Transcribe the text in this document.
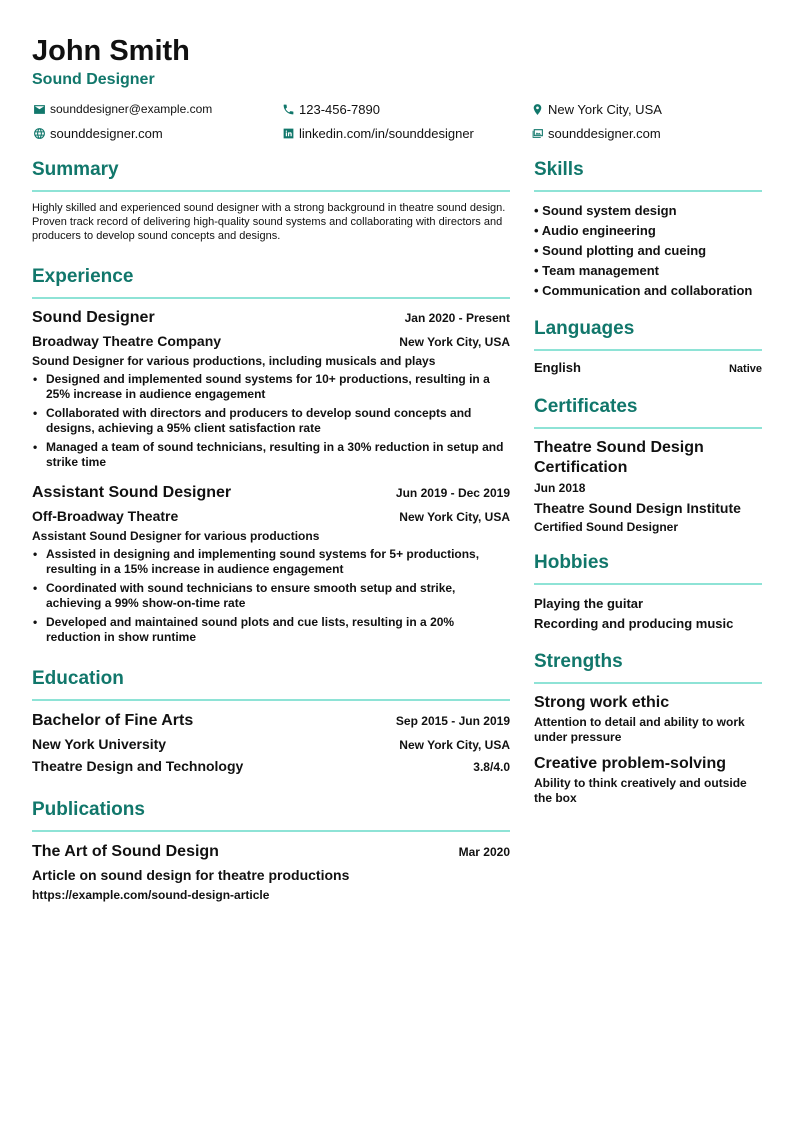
John Smith
Sound Designer
sounddesigner@example.com	123-456-7890	New York City, USA
sounddesigner.com	linkedin.com/in/sounddesigner	sounddesigner.com
Summary
Highly skilled and experienced sound designer with a strong background in theatre sound design. Proven track record of delivering high-quality sound systems and collaborating with directors and producers to develop sound concepts and designs.
Experience
Sound Designer	Jan 2020 - Present
Broadway Theatre Company	New York City, USA
Sound Designer for various productions, including musicals and plays
• Designed and implemented sound systems for 10+ productions, resulting in a 25% increase in audience engagement
• Collaborated with directors and producers to develop sound concepts and designs, achieving a 95% client satisfaction rate
• Managed a team of sound technicians, resulting in a 30% reduction in setup and strike time
Assistant Sound Designer	Jun 2019 - Dec 2019
Off-Broadway Theatre	New York City, USA
Assistant Sound Designer for various productions
• Assisted in designing and implementing sound systems for 5+ productions, resulting in a 15% increase in audience engagement
• Coordinated with sound technicians to ensure smooth setup and strike, achieving a 99% show-on-time rate
• Developed and maintained sound plots and cue lists, resulting in a 20% reduction in show runtime
Education
Bachelor of Fine Arts	Sep 2015 - Jun 2019
New York University	New York City, USA
Theatre Design and Technology	3.8/4.0
Publications
The Art of Sound Design	Mar 2020
Article on sound design for theatre productions
https://example.com/sound-design-article
Skills
• Sound system design
• Audio engineering
• Sound plotting and cueing
• Team management
• Communication and collaboration
Languages
English	Native
Certificates
Theatre Sound Design Certification
Jun 2018
Theatre Sound Design Institute
Certified Sound Designer
Hobbies
Playing the guitar
Recording and producing music
Strengths
Strong work ethic
Attention to detail and ability to work under pressure
Creative problem-solving
Ability to think creatively and outside the box
